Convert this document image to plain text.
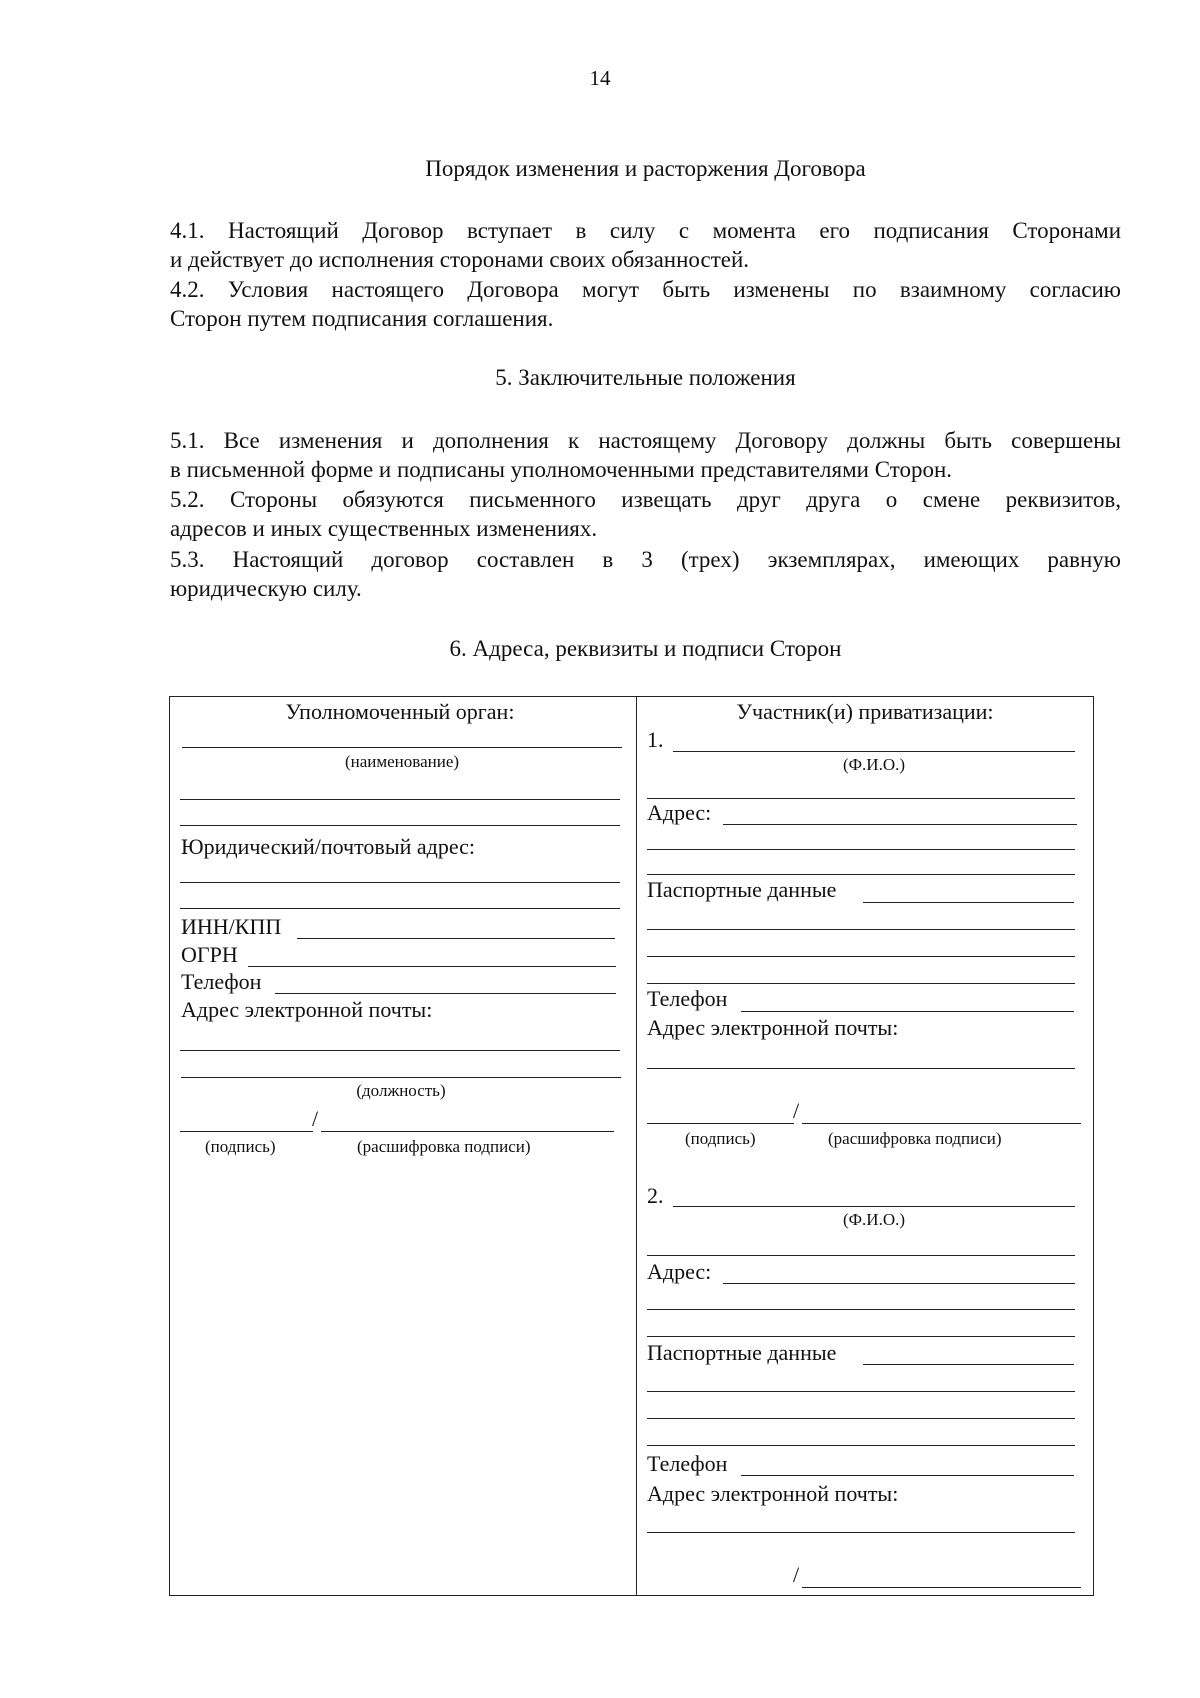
14
Порядок изменения и расторжения Договора
4.1. Настоящий Договор вступает в силу с момента его подписания Сторонами
и действует до исполнения сторонами своих обязанностей.
4.2. Условия настоящего Договора могут быть изменены по взаимному согласию
Сторон путем подписания соглашения.
5. Заключительные положения
5.1. Все изменения и дополнения к настоящему Договору должны быть совершены
в письменной форме и подписаны уполномоченными представителями Сторон.
5.2. Стороны обязуются письменного извещать друг друга о смене реквизитов,
адресов и иных существенных изменениях.
5.3. Настоящий договор составлен в 3 (трех) экземплярах, имеющих равную
юридическую силу.
6. Адреса, реквизиты и подписи Сторон
Уполномоченный орган:
(наименование)
Юридический/почтовый адрес:
ИНН/КПП
ОГРН
Телефон
Адрес электронной почты:
(должность)
/
(подпись)	(расшифровка подписи)
Участник(и) приватизации:
1.
(Ф.И.О.)
Адрес:
Паспортные данные
Телефон
Адрес электронной почты:
/
(подпись)	(расшифровка подписи)
2.
(Ф.И.О.)
Адрес:
Паспортные данные
Телефон
Адрес электронной почты:
/
